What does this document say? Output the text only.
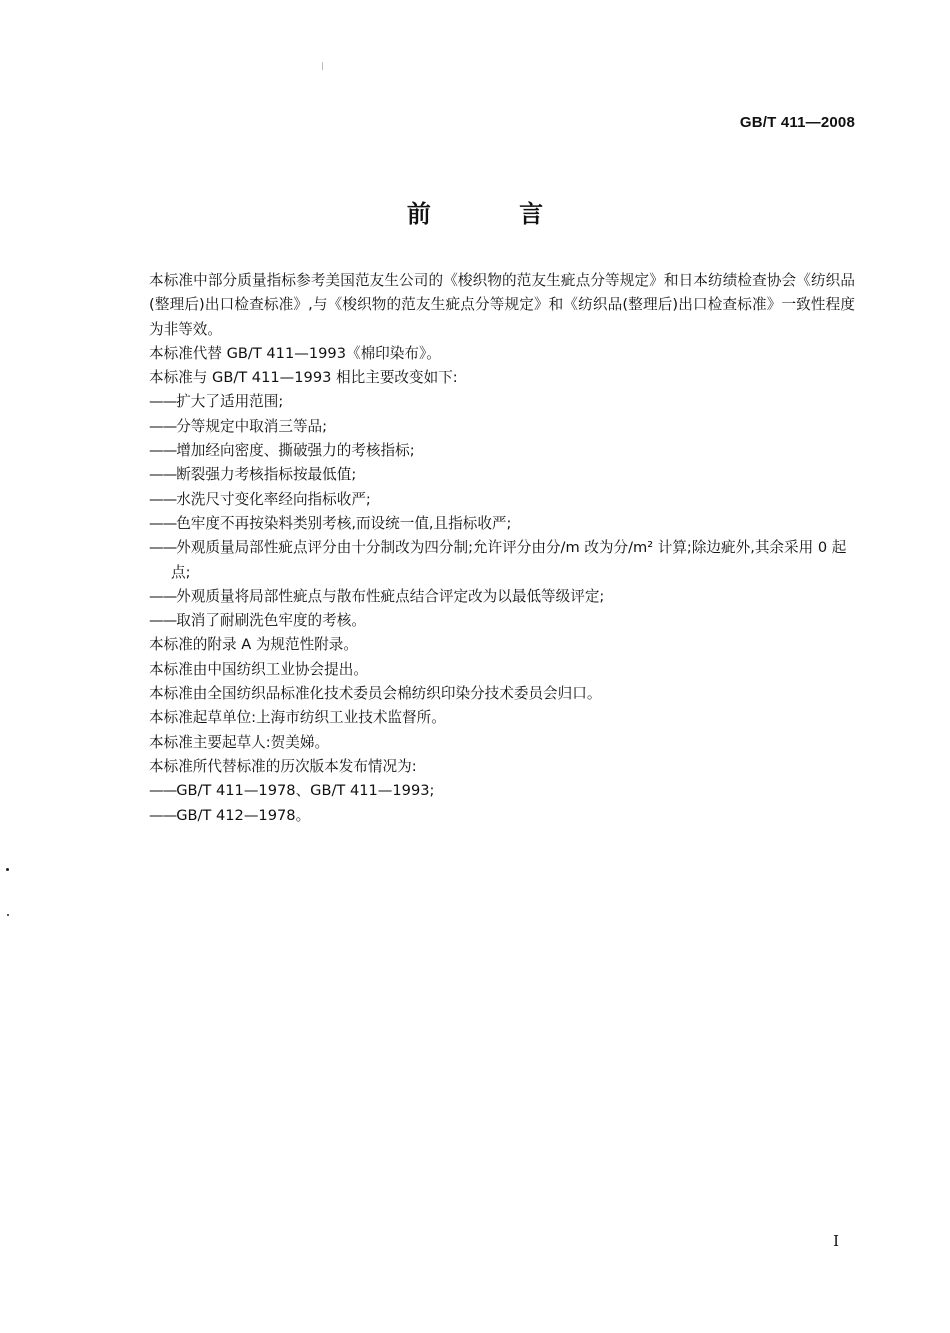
GB/T 411—2008
前 言

本标准中部分质量指标参考美国范友生公司的《梭织物的范友生疵点分等规定》和日本纺绩检查协会《纺织品(整理后)出口检查标准》,与《梭织物的范友生疵点分等规定》和《纺织品(整理后)出口检查标准》一致性程度为非等效。

本标准代替 GB/T 411—1993《棉印染布》。

本标准与 GB/T 411—1993 相比主要改变如下:

——扩大了适用范围;

——分等规定中取消三等品;

——增加经向密度、撕破强力的考核指标;

——断裂强力考核指标按最低值;

——水洗尺寸变化率经向指标收严;

——色牢度不再按染料类别考核,而设统一值,且指标收严;

——外观质量局部性疵点评分由十分制改为四分制;允许评分由分/m 改为分/m² 计算;除边疵外,其余采用 0 起点;

——外观质量将局部性疵点与散布性疵点结合评定改为以最低等级评定;

——取消了耐刷洗色牢度的考核。

本标准的附录 A 为规范性附录。

本标准由中国纺织工业协会提出。

本标准由全国纺织品标准化技术委员会棉纺织印染分技术委员会归口。

本标准起草单位:上海市纺织工业技术监督所。

本标准主要起草人:贺美娣。

本标准所代替标准的历次版本发布情况为:

——GB/T 411—1978、GB/T 411—1993;

——GB/T 412—1978。

I
